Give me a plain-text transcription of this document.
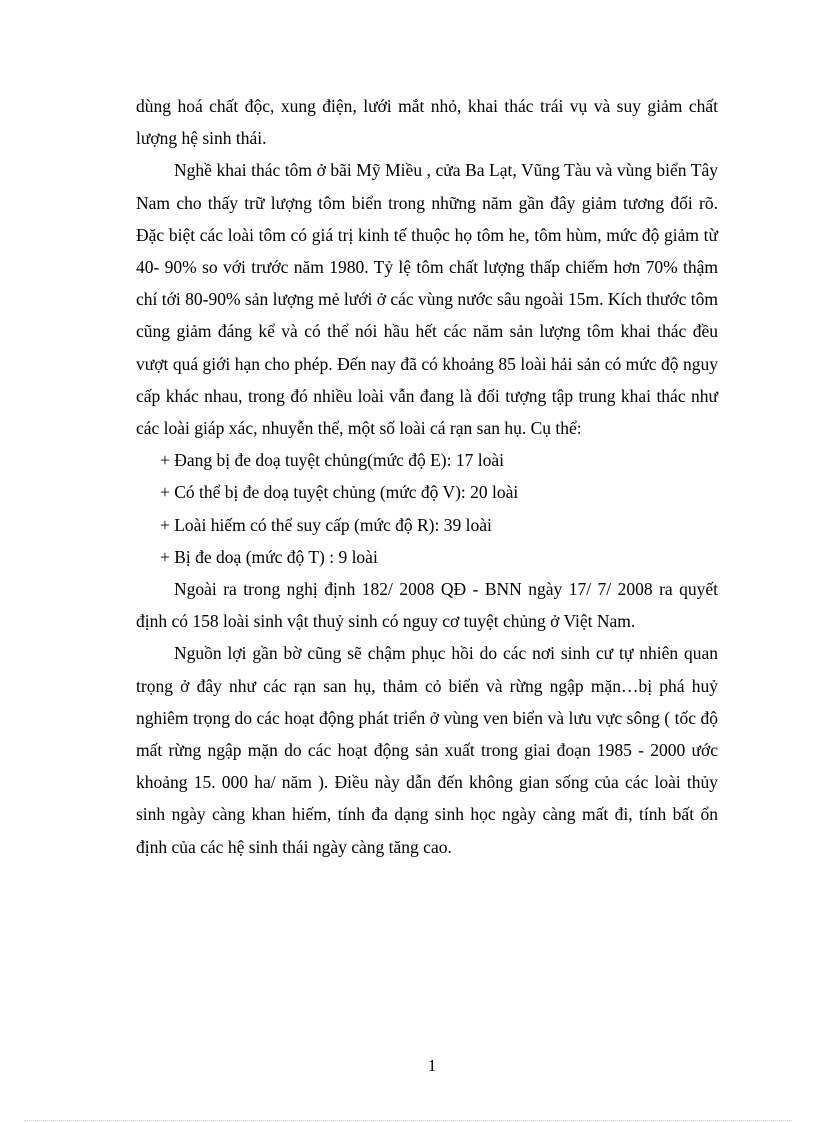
dùng hoá chất độc, xung điện, lưới mắt nhỏ, khai thác trái vụ và suy giảm chất lượng hệ sinh thái.

Nghề khai thác tôm ở bãi Mỹ Miều , cửa Ba Lạt, Vũng Tàu và vùng biển Tây Nam cho thấy trữ lượng tôm biển trong những năm gần đây giảm tương đối rõ. Đặc biệt các loài tôm có giá trị kinh tế thuộc họ tôm he, tôm hùm, mức độ giảm từ 40- 90% so với trước năm 1980. Tỷ lệ tôm chất lượng thấp chiếm hơn 70% thậm chí tới 80-90% sản lượng mẻ lưới ở các vùng nước sâu ngoài 15m. Kích thước tôm cũng giảm đáng kể và có thể nói hầu hết các năm sản lượng tôm khai thác đều vượt quá giới hạn cho phép. Đến nay đã có khoảng 85 loài hải sản có mức độ nguy cấp khác nhau, trong đó nhiều loài vẫn đang là đối tượng tập trung khai thác như các loài giáp xác, nhuyễn thể, một số loài cá rạn san hụ. Cụ thể:

+ Đang bị đe doạ tuyệt chủng(mức độ E): 17 loài

+ Có thể bị đe doạ tuyệt chủng (mức độ V): 20 loài

+ Loài hiếm có thể suy cấp (mức độ R): 39 loài

+ Bị đe doạ (mức độ T) : 9 loài

Ngoài ra trong nghị định 182/ 2008 QĐ - BNN ngày 17/ 7/ 2008 ra quyết định có 158 loài sinh vật thuỷ sinh có nguy cơ tuyệt chủng ở Việt Nam.

Nguồn lợi gần bờ cũng sẽ chậm phục hồi do các nơi sinh cư tự nhiên quan trọng ở đây như các rạn san hụ, thảm cỏ biển và rừng ngập mặn…bị phá huỷ nghiêm trọng do các hoạt động phát triển ở vùng ven biển và lưu vực sông ( tốc độ mất rừng ngập mặn do các hoạt động sản xuất trong giai đoạn 1985 - 2000 ước khoảng 15. 000 ha/ năm ). Điều này dẫn đến không gian sống của các loài thủy sinh ngày càng khan hiếm, tính đa dạng sinh học ngày càng mất đi, tính bất ổn định của các hệ sinh thái ngày càng tăng cao.

1
